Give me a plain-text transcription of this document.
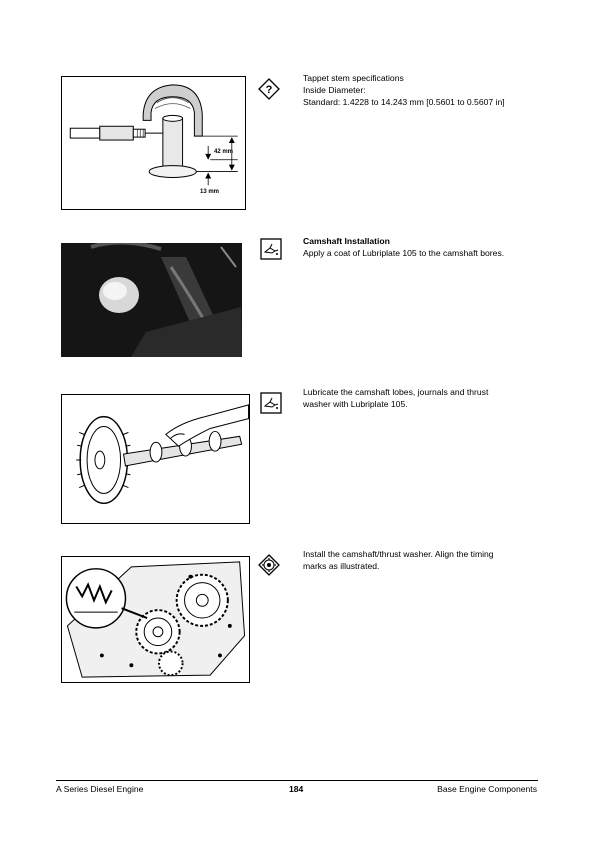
42 mm
13 mm
?
Tappet stem specifications
Inside Diameter:
Standard: 1.4228 to 14.243 mm [0.5601 to 0.5607 in]
Camshaft Installation
Apply a coat of Lubriplate 105 to the camshaft bores.
Lubricate the camshaft lobes, journals and thrust
washer with Lubriplate 105.
Install the camshaft/thrust washer. Align the timing
marks as illustrated.
A Series Diesel Engine	184	Base Engine Components
